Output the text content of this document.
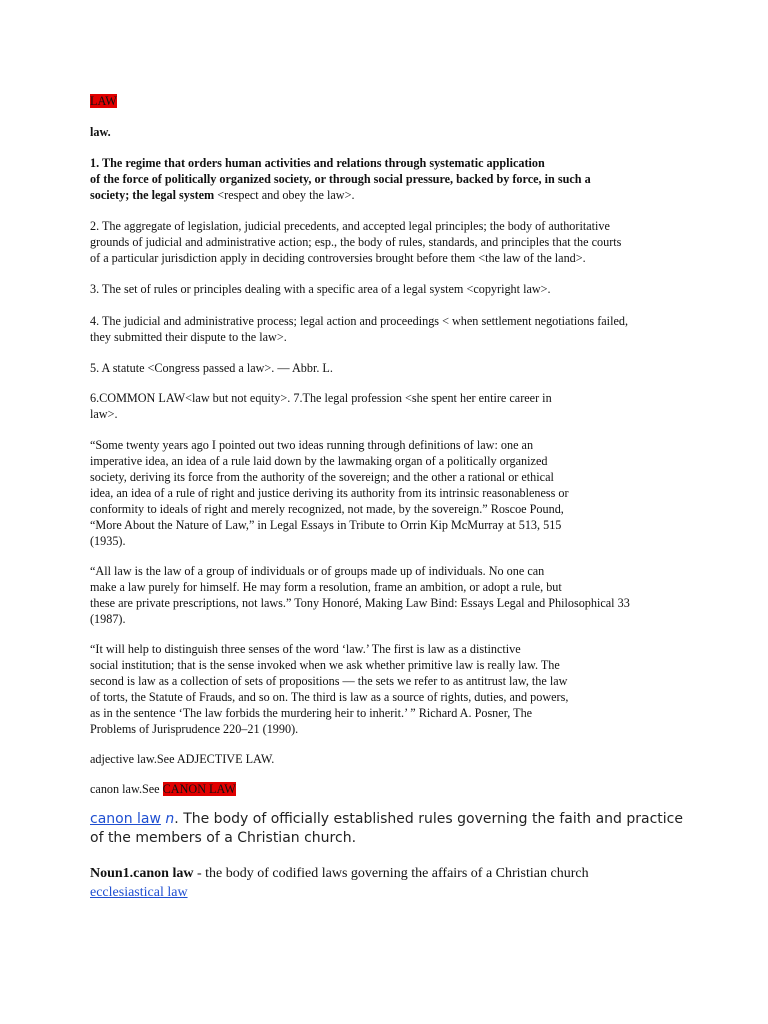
LAW

law.

1. The regime that orders human activities and relations through systematic application
of the force of politically organized society, or through social pressure, backed by force, in such a
society; the legal system <respect and obey the law>.
2. The aggregate of legislation, judicial precedents, and accepted legal principles; the body of authoritative
grounds of judicial and administrative action; esp., the body of rules, standards, and principles that the courts
of a particular jurisdiction apply in deciding controversies brought before them <the law of the land>.

3. The set of rules or principles dealing with a specific area of a legal system <copyright law>.

4. The judicial and administrative process; legal action and proceedings < when settlement negotiations failed,
they submitted their dispute to the law>.

5. A statute <Congress passed a law>. — Abbr. L.

6.COMMON LAW<law but not equity>. 7.The legal profession <she spent her entire career in
law>.
“Some twenty years ago I pointed out two ideas running through definitions of law: one an
imperative idea, an idea of a rule laid down by the lawmaking organ of a politically organized
society, deriving its force from the authority of the sovereign; and the other a rational or ethical
idea, an idea of a rule of right and justice deriving its authority from its intrinsic reasonableness or
conformity to ideals of right and merely recognized, not made, by the sovereign.” Roscoe Pound,
“More About the Nature of Law,” in Legal Essays in Tribute to Orrin Kip McMurray at 513, 515
(1935).
“All law is the law of a group of individuals or of groups made up of individuals. No one can
make a law purely for himself. He may form a resolution, frame an ambition, or adopt a rule, but
these are private prescriptions, not laws.” Tony Honoré, Making Law Bind: Essays Legal and Philosophical 33
(1987).
“It will help to distinguish three senses of the word ‘law.’ The first is law as a distinctive
social institution; that is the sense invoked when we ask whether primitive law is really law. The
second is law as a collection of sets of propositions — the sets we refer to as antitrust law, the law
of torts, the Statute of Frauds, and so on. The third is law as a source of rights, duties, and powers,
as in the sentence ‘The law forbids the murdering heir to inherit.’ ” Richard A. Posner, The
Problems of Jurisprudence 220–21 (1990).

adjective law.See ADJECTIVE LAW.

canon law.See CANON LAW

canon law n. The body of officially established rules governing the faith and practice
of the members of a Christian church.
Noun1.canon law - the body of codified laws governing the affairs of a Christian church
ecclesiastical law
